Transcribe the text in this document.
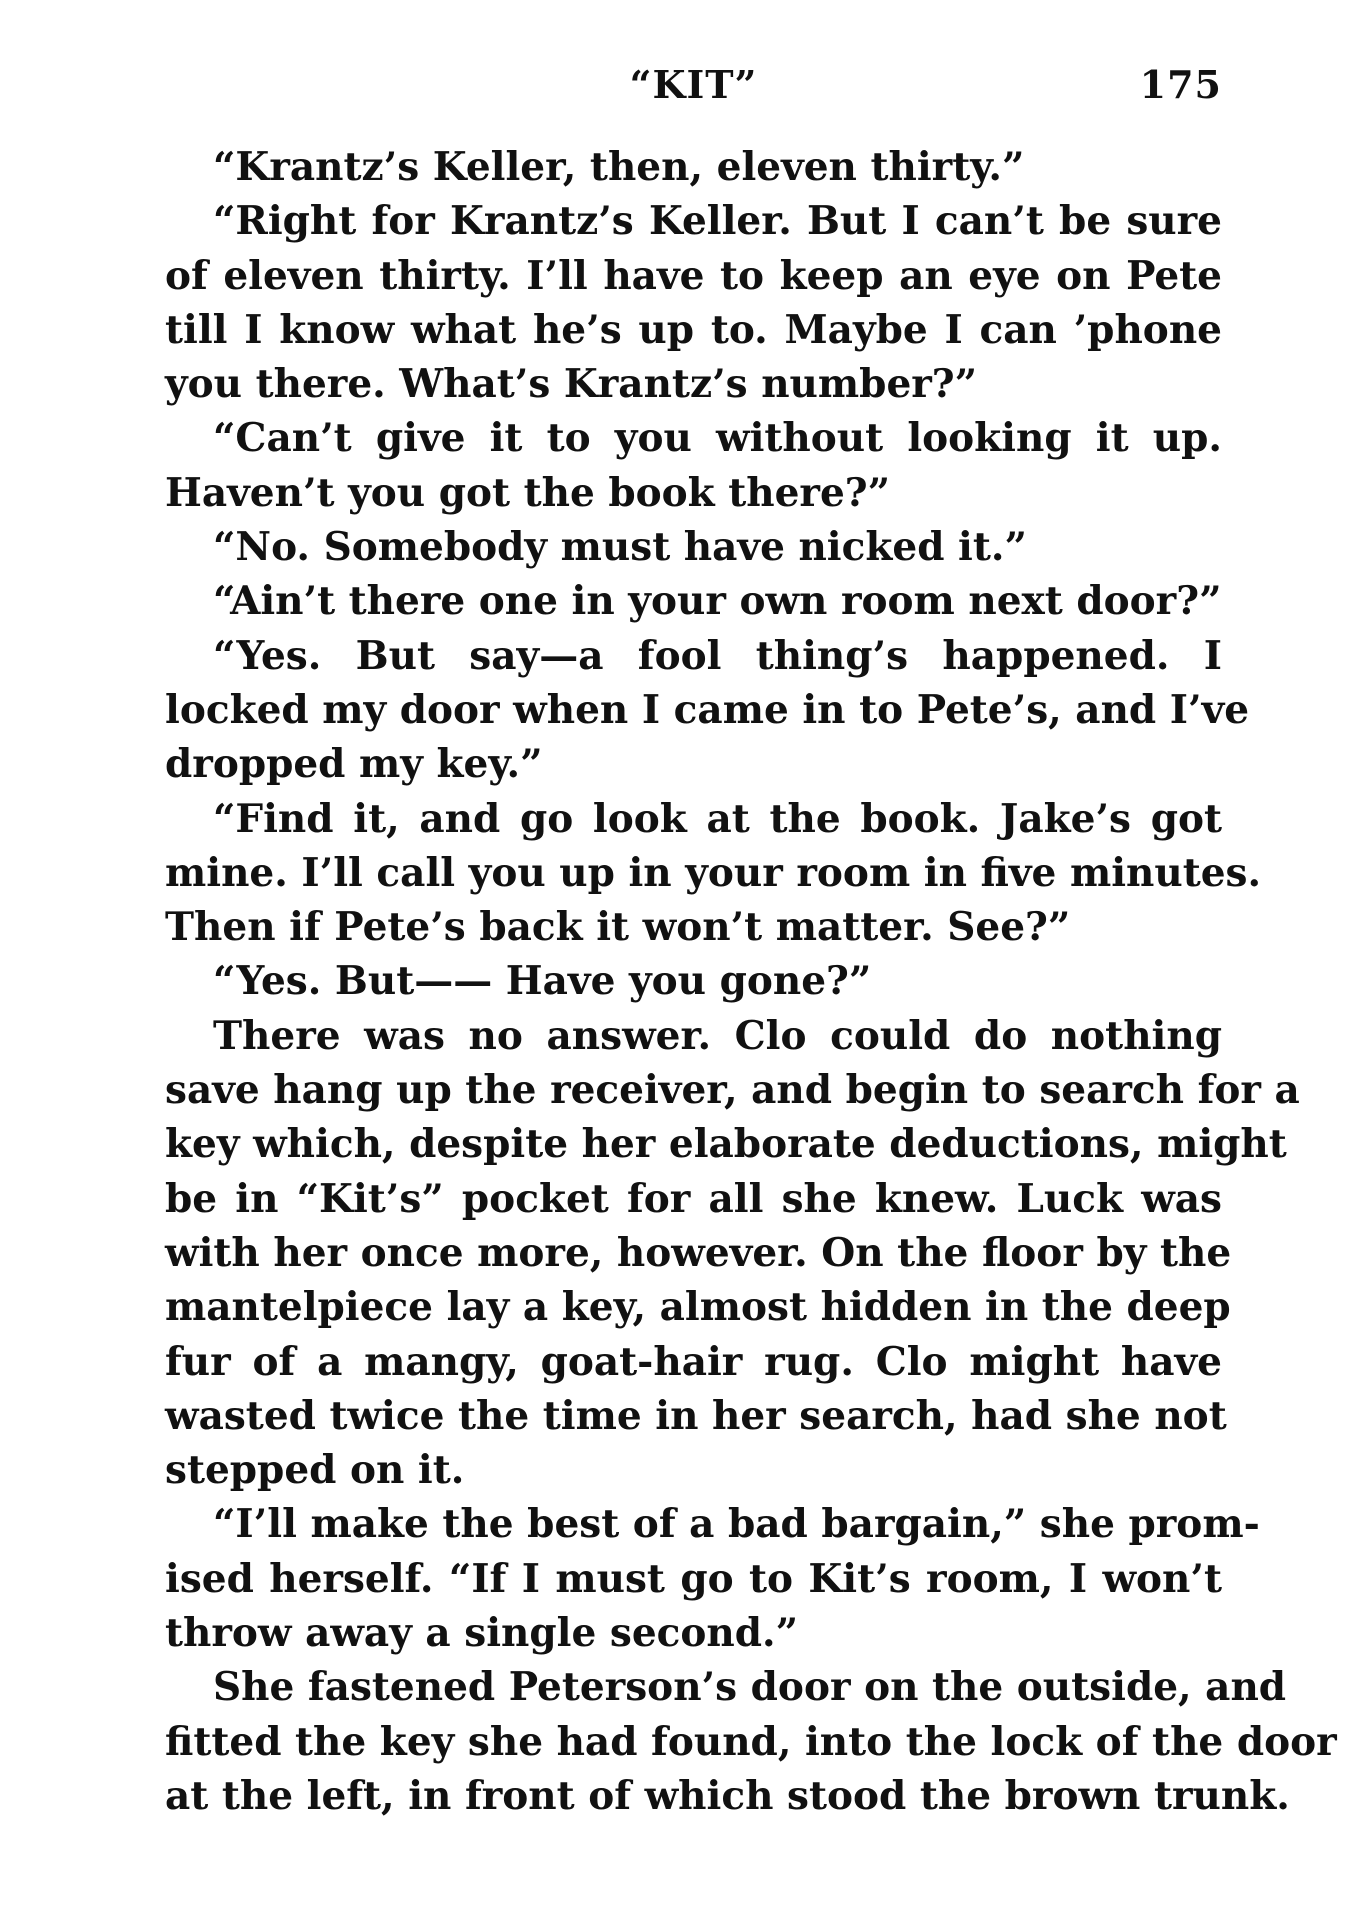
“KIT”	175
“Krantz’s Keller, then, eleven thirty.”
“Right for Krantz’s Keller. But I can’t be sure
of eleven thirty. I’ll have to keep an eye on Pete
till I know what he’s up to. Maybe I can ’phone
you there. What’s Krantz’s number?”
“Can’t give it to you without looking it up.
Haven’t you got the book there?”
“No. Somebody must have nicked it.”
“Ain’t there one in your own room next door?”
“Yes. But say—a fool thing’s happened. I
locked my door when I came in to Pete’s, and I’ve
dropped my key.”
“Find it, and go look at the book. Jake’s got
mine. I’ll call you up in your room in five minutes.
Then if Pete’s back it won’t matter. See?”
“Yes. But—— Have you gone?”
There was no answer. Clo could do nothing
save hang up the receiver, and begin to search for a
key which, despite her elaborate deductions, might
be in “Kit’s” pocket for all she knew. Luck was
with her once more, however. On the floor by the
mantelpiece lay a key, almost hidden in the deep
fur of a mangy, goat-hair rug. Clo might have
wasted twice the time in her search, had she not
stepped on it.
“I’ll make the best of a bad bargain,” she prom-
ised herself. “If I must go to Kit’s room, I won’t
throw away a single second.”
She fastened Peterson’s door on the outside, and
fitted the key she had found, into the lock of the door
at the left, in front of which stood the brown trunk.
